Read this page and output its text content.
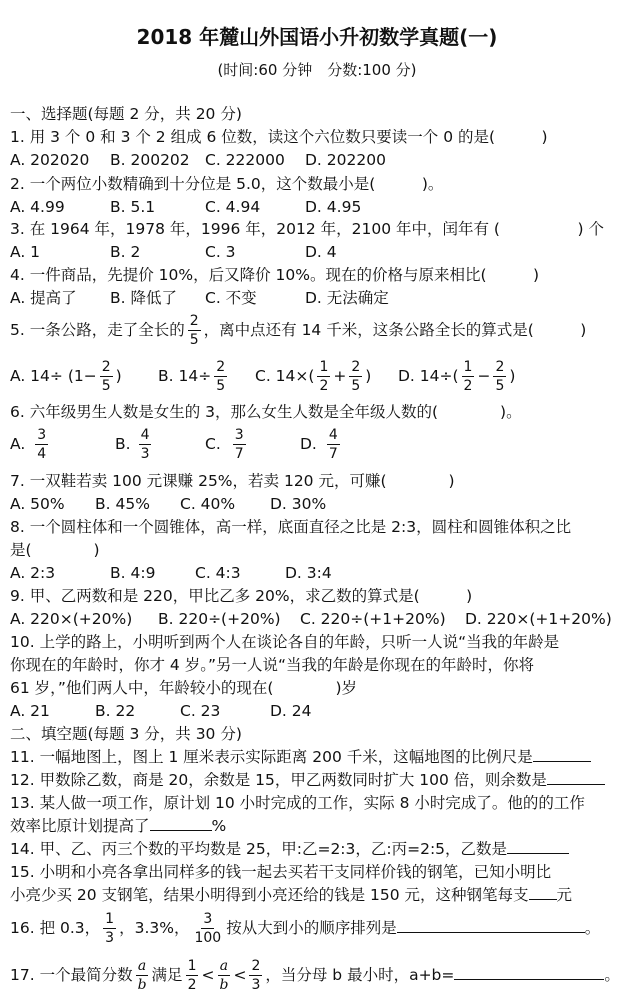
2018 年麓山外国语小升初数学真题(一)
(时间:60 分钟　分数:100 分)
一、选择题(每题 2 分，共 20 分)
1. 用 3 个 0 和 3 个 2 组成 6 位数，读这个六位数只要读一个 0 的是(　　　)
A. 202020 B. 200202 C. 222000 D. 202200
2. 一个两位小数精确到十分位是 5.0，这个数最小是(　　　)。
A. 4.99	B. 5.1	C. 4.94	D. 4.95
3. 在 1964 年，1978 年，1996 年，2012 年，2100 年中，闰年有 (　　　　　) 个
A. 1	B. 2	C. 3	D. 4
4. 一件商品，先提价 10%，后又降价 10%。现在的价格与原来相比(　　　)
A. 提高了 B. 降低了 C. 不变	D. 无法确定
5. 一条公路，走了全长的 $\frac{2}{5}$ ，离中点还有 14 千米，这条公路全长的算式是(　　　)
A. $14\div (1- \frac{2}{5}$ ) B. $14\div \frac{2}{5} C$. $14\times( \frac{1}{2} + \frac{2}{5}$ ) D. $14\div( \frac{1}{2} - \frac{2}{5}$ )
6. 六年级男生人数是女生的 3，那么女生人数是全年级人数的(　　　　)。
A. $\frac{3}{4}$	B. $\frac{4}{3}$	C. $\frac{3}{7}$	D. $\frac{4}{7}$
7. 一双鞋若卖 100 元课赚 25%，若卖 120 元，可赚(　　　　)
A. 50% B. 45% C. 40% D. 30%
8. 一个圆柱体和一个圆锥体，高一样，底面直径之比是 2:3，圆柱和圆锥体积之比
是(　　　　)
A. 2:3	B. 4:9	C. 4:3	D. 3:4
9. 甲、乙两数和是 220，甲比乙多 20%，求乙数的算式是(　　　)
A. 220×(+20%) B. 220÷(+20%) C. 220÷(+1+20%) D. 220×(+1+20%)
10. 上学的路上，小明听到两个人在谈论各自的年龄，只听一人说“当我的年龄是
你现在的年龄时，你才 4 岁。”另一人说“当我的年龄是你现在的年龄时，你将
61 岁，”他们两人中，年龄较小的现在(　　　　)岁
A. 21	B. 22	C. 23	D. 24
二、填空题(每题 3 分，共 30 分)
11. 一幅地图上，图上 1 厘米表示实际距离 200 千米，这幅地图的比例尺是
12. 甲数除乙数，商是 20，余数是 15，甲乙两数同时扩大 100 倍，则余数是
13. 某人做一项工作，原计划 10 小时完成的工作，实际 8 小时完成了。他的的工作
效率比原计划提高了	%
14. 甲、乙、丙三个数的平均数是 25，甲:乙=2:3，乙:丙=2:5，乙数是
15. 小明和小亮各拿出同样多的钱一起去买若干支同样价钱的钢笔，已知小明比
小亮少买 20 支钢笔，结果小明得到小亮还给的钱是 150 元，这种钢笔每支 元
16. 把 0.3， $\frac{1}{3}$ ，3.3%， $\frac{3}{100}$ 按从大到小的顺序排列是	。
17. 一个最简分数 $\frac{a}{b}$ 满足 $\frac{1}{2} < \frac{a}{b} < \frac{2}{3}$ ，当分母 b 最小时，a+b=	。
